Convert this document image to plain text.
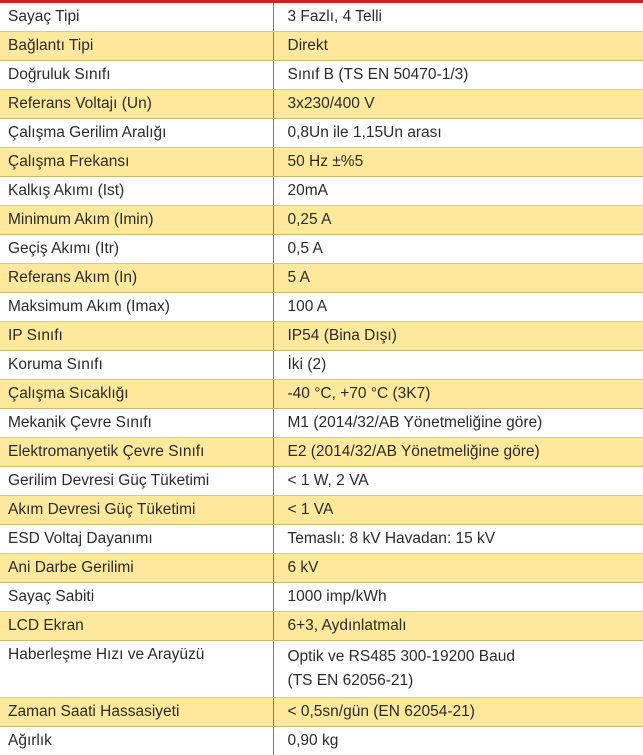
Sayaç Tipi	3 Fazlı, 4 Telli
Bağlantı Tipi	Direkt
Doğruluk Sınıfı	Sınıf B (TS EN 50470-1/3)
Referans Voltajı (Un)	3x230/400 V
Çalışma Gerilim Aralığı	0,8Un ile 1,15Un arası
Çalışma Frekansı	50 Hz ±%5
Kalkış Akımı (Ist)	20mA
Minimum Akım (Imin)	0,25 A
Geçiş Akımı (Itr)	0,5 A
Referans Akım (In)	5 A
Maksimum Akım (Imax)	100 A
IP Sınıfı	IP54 (Bina Dışı)
Koruma Sınıfı	İki (2)
Çalışma Sıcaklığı	-40 °C, +70 °C (3K7)
Mekanik Çevre Sınıfı	M1 (2014/32/AB Yönetmeliğine göre)
Elektromanyetik Çevre Sınıfı	E2 (2014/32/AB Yönetmeliğine göre)
Gerilim Devresi Güç Tüketimi	< 1 W, 2 VA
Akım Devresi Güç Tüketimi	< 1 VA
ESD Voltaj Dayanımı	Temaslı: 8 kV Havadan: 15 kV
Ani Darbe Gerilimi	6 kV
Sayaç Sabiti	1000 imp/kWh
LCD Ekran	6+3, Aydınlatmalı
Haberleşme Hızı ve Arayüzü	Optik ve RS485 300-19200 Baud
(TS EN 62056-21)

Zaman Saati Hassasiyeti	< 0,5sn/gün (EN 62054-21)
Ağırlık	0,90 kg
